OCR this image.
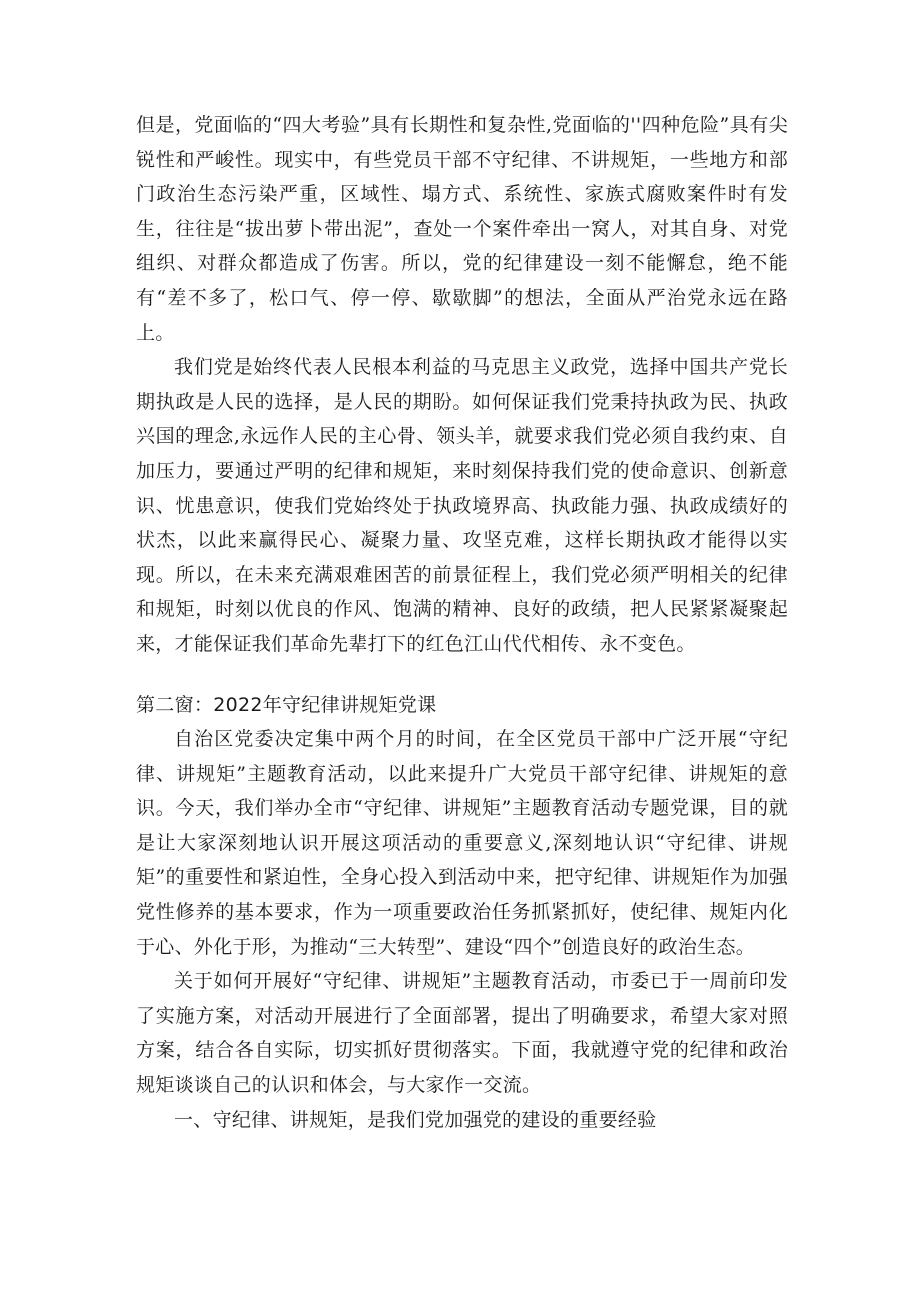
但是，党面临的“四大考验”具有长期性和复杂性,党面临的''四种危险”具有尖锐性和严峻性。现实中，有些党员干部不守纪律、不讲规矩，一些地方和部门政治生态污染严重，区域性、塌方式、系统性、家族式腐败案件时有发生，往往是“拔出萝卜带出泥”，查处一个案件牵出一窝人，对其自身、对党组织、对群众都造成了伤害。所以，党的纪律建设一刻不能懈怠，绝不能有“差不多了，松口气、停一停、歇歇脚”的想法，全面从严治党永远在路上。

我们党是始终代表人民根本利益的马克思主义政党，选择中国共产党长期执政是人民的选择，是人民的期盼。如何保证我们党秉持执政为民、执政兴国的理念,永远作人民的主心骨、领头羊，就要求我们党必须自我约束、自加压力，要通过严明的纪律和规矩，来时刻保持我们党的使命意识、创新意识、忧患意识，使我们党始终处于执政境界高、执政能力强、执政成绩好的状杰，以此来赢得民心、凝聚力量、攻坚克难，这样长期执政才能得以实现。所以，在未来充满艰难困苦的前景征程上，我们党必须严明相关的纪律和规矩，时刻以优良的作风、饱满的精神、良好的政绩，把人民紧紧凝聚起来，才能保证我们革命先辈打下的红色江山代代相传、永不变色。

第二窗：2022年守纪律讲规矩党课

自治区党委决定集中两个月的时间，在全区党员干部中广泛开展“守纪律、讲规矩”主题教育活动，以此来提升广大党员干部守纪律、讲规矩的意识。今天，我们举办全市“守纪律、讲规矩”主题教育活动专题党课，目的就是让大家深刻地认识开展这项活动的重要意义,深刻地认识“守纪律、讲规矩”的重要性和紧迫性，全身心投入到活动中来，把守纪律、讲规矩作为加强党性修养的基本要求，作为一项重要政治任务抓紧抓好，使纪律、规矩内化于心、外化于形，为推动“三大转型”、建设“四个”创造良好的政治生态。

关于如何开展好“守纪律、讲规矩”主题教育活动，市委已于一周前印发了实施方案，对活动开展进行了全面部署，提出了明确要求，希望大家对照方案，结合各自实际，切实抓好贯彻落实。下面，我就遵守党的纪律和政治规矩谈谈自己的认识和体会，与大家作一交流。

一、守纪律、讲规矩，是我们党加强党的建设的重要经验
